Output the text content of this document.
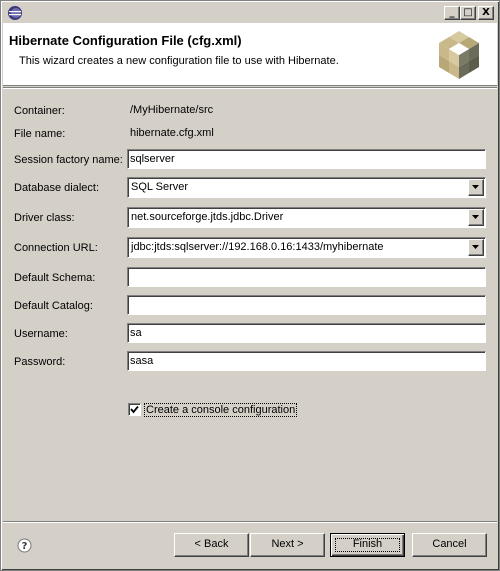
_ □ X
Hibernate Configuration File (cfg.xml)
This wizard creates a new configuration file to use with Hibernate.
Container:	/MyHibernate/src
File name:	hibernate.cfg.xml
Session factory name: sqlserver
Database dialect:	SQL Server
Driver class:	net.sourceforge.jtds.jdbc.Driver
Connection URL:	jdbc:jtds:sqlserver://192.168.0.16:1433/myhibernate
Default Schema:
Default Catalog:
Username:	sa
Password:	sasa
Create a console configuration
?	< Back	Next >	Finish	Cancel
